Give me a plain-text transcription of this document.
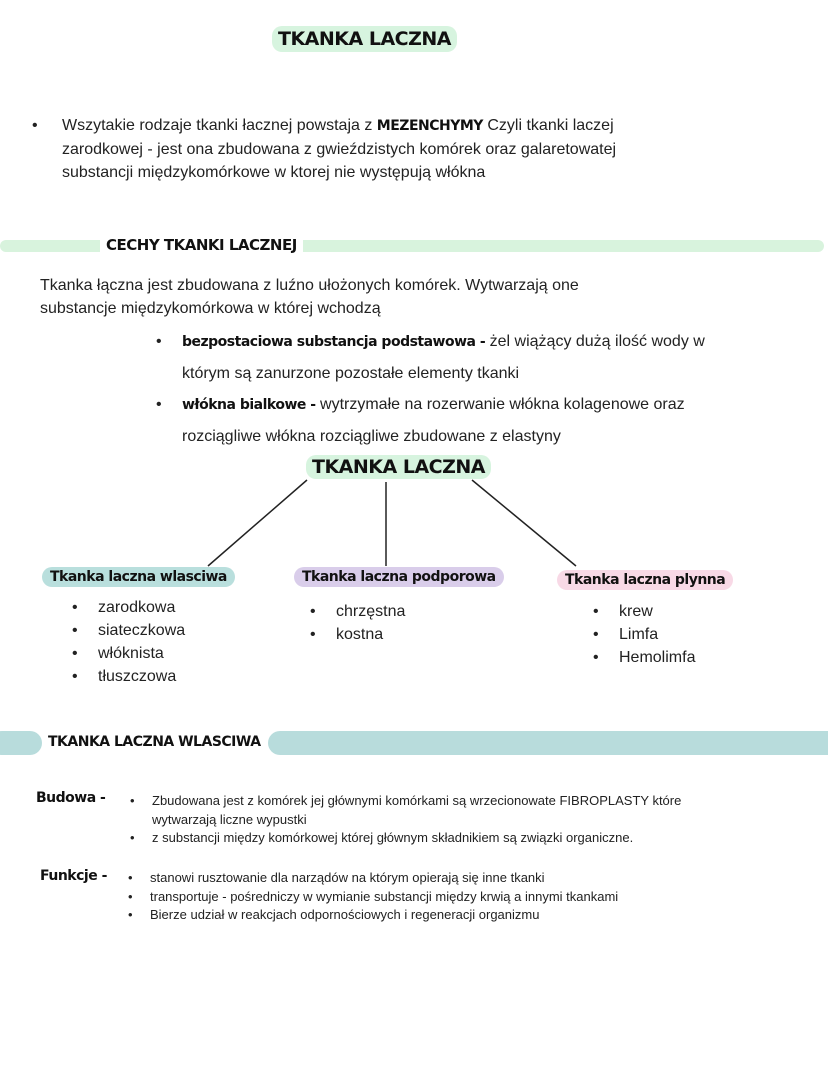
TKANKA LACZNA
• Wszytakie rodzaje tkanki łacznej powstaja z MEZENCHYMY Czyli tkanki laczej zarodkowej - jest ona zbudowana z gwieździstych komórek oraz galaretowatej substancji międzykomórkowe w ktorej nie występują włókna
CECHY TKANKI LACZNEJ
Tkanka łączna jest zbudowana z luźno ułożonych komórek. Wytwarzają one substancje międzykomórkowa w której wchodzą
• bezpostaciowa substancja podstawowa - żel wiążący dużą ilość wody w którym są zanurzone pozostałe elementy tkanki
• włókna bialkowe - wytrzymałe na rozerwanie włókna kolagenowe oraz rozciągliwe włókna rozciągliwe zbudowane z elastyny
TKANKA LACZNA
Tkanka laczna wlasciwa
• zarodkowa
• siateczkowa
• włóknista
• tłuszczowa
Tkanka laczna podporowa
• chrzęstna
• kostna
Tkanka laczna plynna
• krew
• Limfa
• Hemolimfa
TKANKA LACZNA WLASCIWA
Budowa -	• Zbudowana jest z komórek jej głównymi komórkami są wrzecionowate FIBROPLASTY które wytwarzają liczne wypustki
• z substancji między komórkowej której głównym składnikiem są związki organiczne.
Funkcje -	• stanowi rusztowanie dla narządów na którym opierają się inne tkanki
• transportuje - pośredniczy w wymianie substancji między krwią a innymi tkankami
• Bierze udział w reakcjach odpornościowych i regeneracji organizmu
